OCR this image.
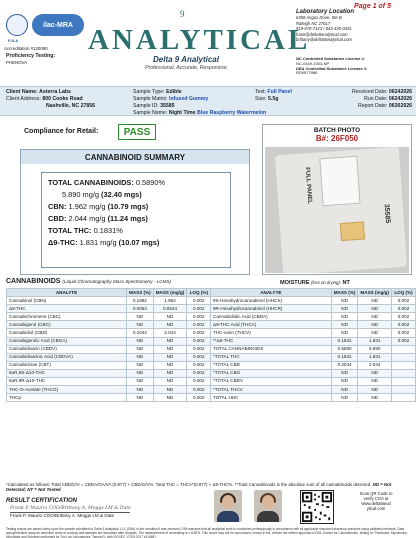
Page 1 of 5
PJLA
ilac-MRA
Accreditation #120090
Proficiency Testing:
PHENOVA
9
ANALYTICAL
Delta 9 Analytical
Professional, Accurate, Responsive
Laboratory Location
6308 Angus Drive, Ste B
Raleigh NC 27617
919-670-7123 / 843-430-0431
frank@delta9analytical.com
brittany@delta9analytical.com
NC Controlled Substance License #:
NC-0449-1004-NP
DEA Controlled Substance License #:
RD0577986
Client Name: Asterra Labs
Client Address: 800 Cooke Road
Nashville, NC 27856
Sample Type: Edible
Sample Matrix: Infused Gummy
Sample ID: 35585
Sample Name: Night Time Blue Raspberry Watermelon
Test: Full Panel
Size: 5.5g
Received Date: 06242026
Run Date: 06242026
Report Date: 06302026
Compliance for Retail:	PASS
CANNABINOID SUMMARY
TOTAL CANNABINOIDS: 0.5890%
5.890 mg/g (32.40 mgs)
CBN: 1.962 mg/g (10.79 mgs)
CBD: 2.044 mg/g (11.24 mgs)
TOTAL THC: 0.1831%
Δ9-THC: 1.831 mg/g (10.07 mgs)
BATCH PHOTO
B#: 26F050
FULL PANEL
35585
CANNABINOIDS (Liquid Chromatography Mass Spectrometry - LCMS)	MOISTURE (loss on drying): NT
ANALYTE	MASS (%)	MASS (mg/g)	LOQ (%)
Cannabinol (CBN)	0.1962	1.962	0.002
Δ8-THC	0.0053	0.0534	0.002
Cannabichromene (CBC)	ND	ND	0.002
Cannabigerol (CBG)	ND	ND	0.002
Cannabidiol (CBD)	0.2044	2.044	0.002
Cannabigerolic Acid (CBGA)	ND	ND	0.002
Cannabidivarin (CBDV)	ND	ND	0.002
Cannabidivarinic Acid (CBDVA)	ND	ND	0.002
Cannabicitran (CBT)	ND	ND	0.002
6aR,9S-Δ10-THC	ND	ND	0.002
6aR,9R-Δ10-THC	ND	ND	0.002
THC-O-Acetate (THCO)	ND	ND	0.002
THCp	ND	ND	0.002
ANALYTE	MASS (%)	MASS (mg/g)	LOQ (%)
9S-Hexahydrocannabinol (HHCS)	ND	ND	0.002
9R-Hexahydrocannabinol (HHCR)	ND	ND	0.002
Cannabidiolic Acid (CBDA)	ND	ND	0.002
Δ9-THC Acid (THCA)	ND	ND	0.002
THC-varin (THCV)	ND	ND	0.002
**Δ9-THC	0.1831	1.831	0.002
TOTAL CANNABINOIDS	0.5890	5.890	
*TOTAL THC	0.1831	1.831	
*TOTAL CBD	0.2044	2.044	
*TOTAL CBG	ND	ND	
*TOTAL CBDV	ND	ND	
*TOTAL THCV	ND	ND	
TOTAL HHC	ND	ND	
*Calculated as follows: Total CBD/G/V = CBDA/GA/VA (0.877) + CBD/G/V%. Total THC = THCA*(0.877) + Δ9-THC%. **Total Cannabinoids is the absolute sum of all cannabinoids detected. ND = Not Detected; NT = Not Tested
RESULT CERTIFICATION
Frank P. Maurio COO/Brittany A. Meggs LM & Date
Frank P. Maurio COO/Brittany A. Meggs LM & Date
Scan QR Code to
verify COA at
www.delta9anal
ytical.com
Testing results are based solely upon the sample submitted to Delta 9 Analytical, LLC (D9A) in the condition it was received. D9A warrants that all analytical work is conducted professionally in accordance with all applicable standard laboratory practices using validated methods. Data was generated using an unbroken chain of custody and samples are discarded after analysis. The measurement of uncertainty is ± 8.82%. This report may not be reproduced, except in full, without the written approval of D9A. Except for Cannabinoids, testing for Pesticides, Mycotoxins, Microbials and Solvents performed by Trio Lab Laboratories, Tampa FL with ISO/IEC 17025:2017 #116657.
